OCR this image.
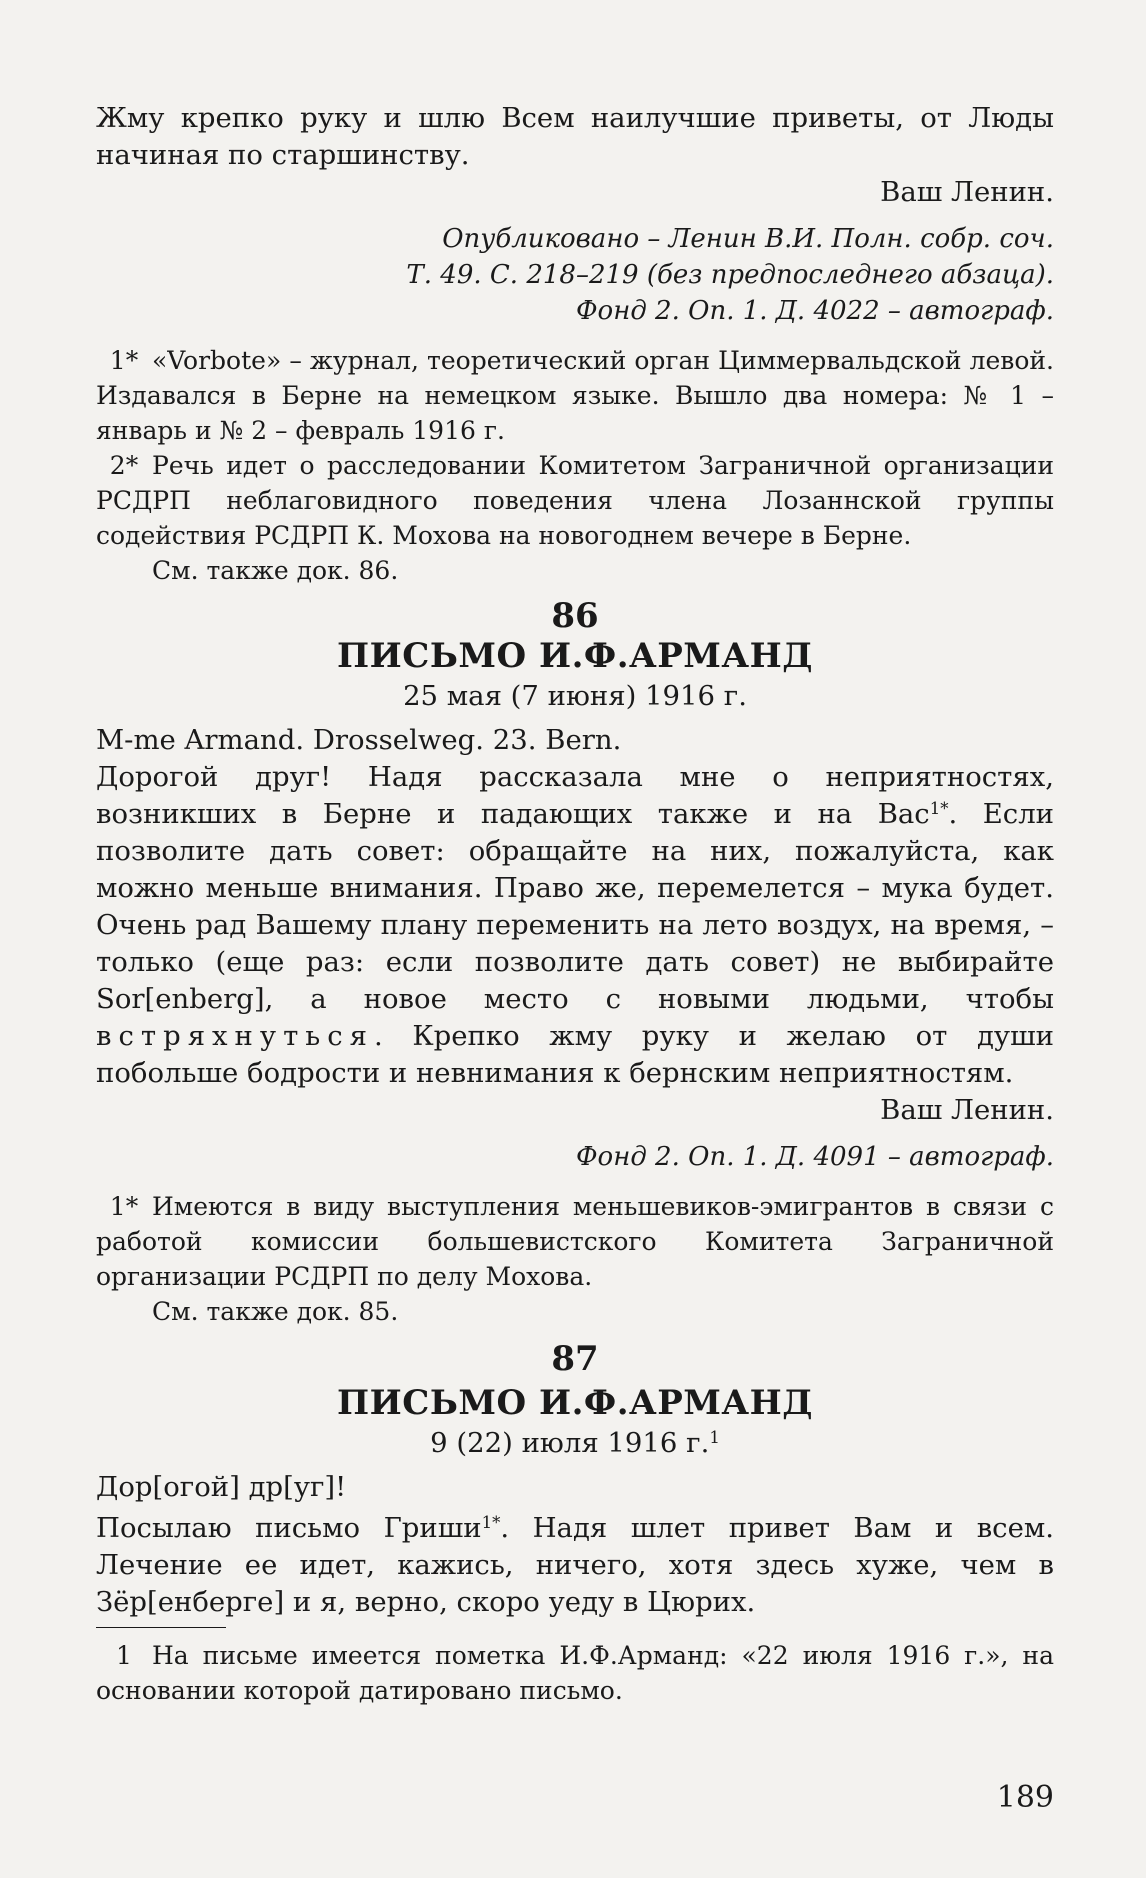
Жму крепко руку и шлю Всем наилучшие приветы, от Люды начиная по старшинству.

Ваш Ленин.

Опубликовано – Ленин В.И. Полн. собр. соч.

Т. 49. С. 218–219 (без предпоследнего абзаца).

Фонд 2. Оп. 1. Д. 4022 – автограф.

1* «Vorbote» – журнал, теоретический орган Циммервальдской левой. Издавался в Берне на немецком языке. Вышло два номера: № 1 – январь и № 2 – февраль 1916 г.

2* Речь идет о расследовании Комитетом Заграничной организации РСДРП неблаговидного поведения члена Лозаннской группы содействия РСДРП К. Мохова на новогоднем вечере в Берне.

См. также док. 86.

86

ПИСЬМО И.Ф.АРМАНД

25 мая (7 июня) 1916 г.

M-me Armand. Drosselweg. 23. Bern.

Дорогой друг! Надя рассказала мне о неприятностях, возникших в Берне и падающих также и на Вас$^{1*}$. Если позволите дать совет: обращайте на них, пожалуйста, как можно меньше внимания. Право же, перемелется – мука будет. Очень рад Вашему плану переменить на лето воздух, на время, – только (еще раз: если позволите дать совет) не выбирайте Sor[enberg], а новое место с новыми людьми, чтобы встряхнуться. Крепко жму руку и желаю от души побольше бодрости и невнимания к бернским неприятностям.

Ваш Ленин.

Фонд 2. Оп. 1. Д. 4091 – автограф.

1* Имеются в виду выступления меньшевиков-эмигрантов в связи с работой комиссии большевистского Комитета Заграничной организации РСДРП по делу Мохова.

См. также док. 85.

87

ПИСЬМО И.Ф.АРМАНД

9 (22) июля 1916 г.$^1$

Дор[огой] др[уг]!

Посылаю письмо Гриши$^{1*}$. Надя шлет привет Вам и всем. Лечение ее идет, кажись, ничего, хотя здесь хуже, чем в Зёр[енберге] и я, верно, скоро уеду в Цюрих.

1 На письме имеется пометка И.Ф.Арманд: «22 июля 1916 г.», на основании которой датировано письмо.

189
